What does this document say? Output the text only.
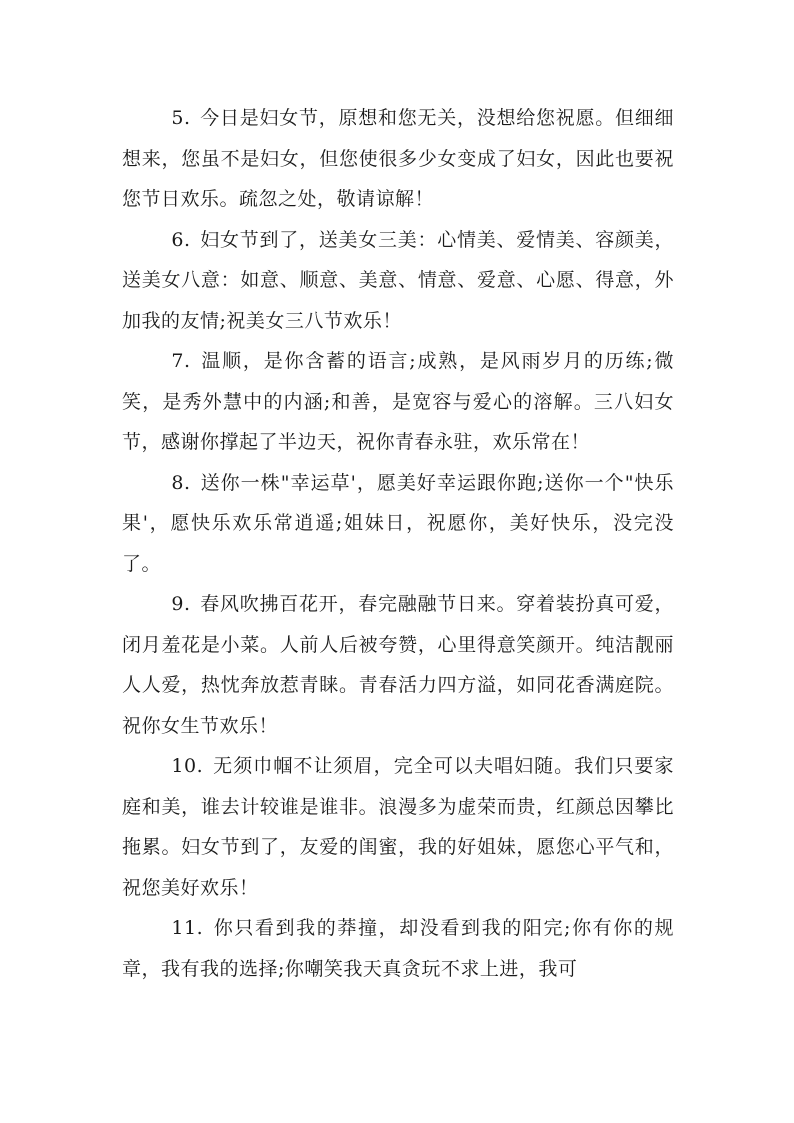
5. 今日是妇女节，原想和您无关，没想给您祝愿。但细细想来，您虽不是妇女，但您使很多少女变成了妇女，因此也要祝您节日欢乐。疏忽之处，敬请谅解！

6. 妇女节到了，送美女三美：心情美、爱情美、容颜美，送美女八意：如意、顺意、美意、情意、爱意、心愿、得意，外加我的友情;祝美女三八节欢乐！

7. 温顺，是你含蓄的语言;成熟，是风雨岁月的历练;微笑，是秀外慧中的内涵;和善，是宽容与爱心的溶解。三八妇女节，感谢你撑起了半边天，祝你青春永驻，欢乐常在！

8. 送你一株"幸运草'，愿美好幸运跟你跑;送你一个"快乐果'，愿快乐欢乐常逍遥;姐妹日，祝愿你，美好快乐，没完没了。

9. 春风吹拂百花开，春完融融节日来。穿着装扮真可爱，闭月羞花是小菜。人前人后被夸赞，心里得意笑颜开。纯洁靓丽人人爱，热忱奔放惹青睐。青春活力四方溢，如同花香满庭院。祝你女生节欢乐！

10. 无须巾帼不让须眉，完全可以夫唱妇随。我们只要家庭和美，谁去计较谁是谁非。浪漫多为虚荣而贵，红颜总因攀比拖累。妇女节到了，友爱的闺蜜，我的好姐妹，愿您心平气和，祝您美好欢乐！

11. 你只看到我的莽撞，却没看到我的阳完;你有你的规章，我有我的选择;你嘲笑我天真贪玩不求上进，我可
